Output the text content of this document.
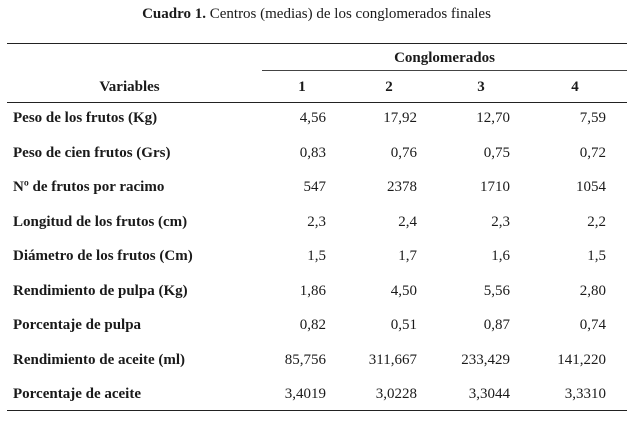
Cuadro 1. Centros (medias) de los conglomerados finales
Conglomerados
Variables	1	2	3	4
Peso de los frutos (Kg)	4,56	17,92	12,70	7,59
Peso de cien frutos (Grs)	0,83	0,76	0,75	0,72
Nº de frutos por racimo	547	2378	1710	1054
Longitud de los frutos (cm)	2,3	2,4	2,3	2,2
Diámetro de los frutos (Cm)	1,5	1,7	1,6	1,5
Rendimiento de pulpa (Kg)	1,86	4,50	5,56	2,80
Porcentaje de pulpa	0,82	0,51	0,87	0,74
Rendimiento de aceite (ml)	85,756	311,667	233,429	141,220
Porcentaje de aceite	3,4019	3,0228	3,3044	3,3310
